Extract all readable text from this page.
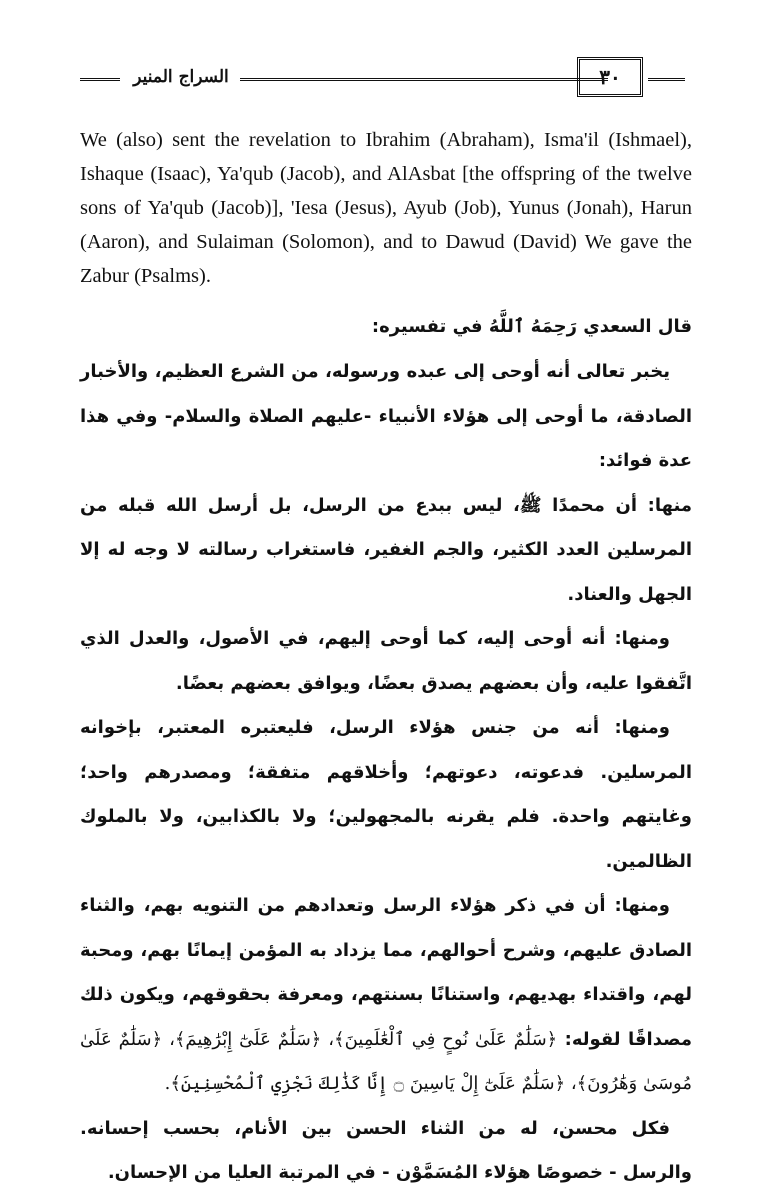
السراج المنير	٣٠

We (also) sent the revelation to Ibrahim (Abraham), Isma'il (Ishmael), Ishaque (Isaac), Ya'qub (Jacob), and AlAsbat [the offspring of the twelve sons of Ya'qub (Jacob)], 'Iesa (Jesus), Ayub (Job), Yunus (Jonah), Harun (Aaron), and Sulaiman (Solomon), and to Dawud (David) We gave the Zabur (Psalms).

قال السعدي رَحِمَهُ ٱللَّهُ في تفسيره:

يخبر تعالى أنه أوحى إلى عبده ورسوله، من الشرع العظيم، والأخبار الصادقة، ما أوحى إلى هؤلاء الأنبياء -عليهم الصلاة والسلام- وفي هذا عدة فوائد:

منها: أن محمدًا ﷺ، ليس ببدع من الرسل، بل أرسل الله قبله من المرسلين العدد الكثير، والجم الغفير، فاستغراب رسالته لا وجه له إلا الجهل والعناد.

ومنها: أنه أوحى إليه، كما أوحى إليهم، في الأصول، والعدل الذي اتَّفقوا عليه، وأن بعضهم يصدق بعضًا، ويوافق بعضهم بعضًا.

ومنها: أنه من جنس هؤلاء الرسل، فليعتبره المعتبر، بإخوانه المرسلين. فدعوته، دعوتهم؛ وأخلاقهم متفقة؛ ومصدرهم واحد؛ وغايتهم واحدة. فلم يقرنه بالمجهولين؛ ولا بالكذابين، ولا بالملوك الظالمين.

ومنها: أن في ذكر هؤلاء الرسل وتعدادهم من التنويه بهم، والثناء الصادق عليهم، وشرح أحوالهم، مما يزداد به المؤمن إيمانًا بهم، ومحبة لهم، واقتداء بهديهم، واستنانًا بسنتهم، ومعرفة بحقوقهم، ويكون ذلك مصداقًا لقوله: ﴿سَلَٰمٌ عَلَىٰ نُوحٍ فِي ٱلْعَٰلَمِينَ﴾، ﴿سَلَٰمٌ عَلَىٰٓ إِبْرَٰهِيمَ﴾، ﴿سَلَٰمٌ عَلَىٰ مُوسَىٰ وَهَٰرُونَ﴾، ﴿سَلَٰمٌ عَلَىٰٓ إِلْ يَاسِينَ ۝ إِنَّا كَذَٰلِكَ نَجْزِي ٱلْمُحْسِنِينَ﴾.

فكل محسن، له من الثناء الحسن بين الأنام، بحسب إحسانه. والرسل - خصوصًا هؤلاء المُسَمَّوْن - في المرتبة العليا من الإحسان.
